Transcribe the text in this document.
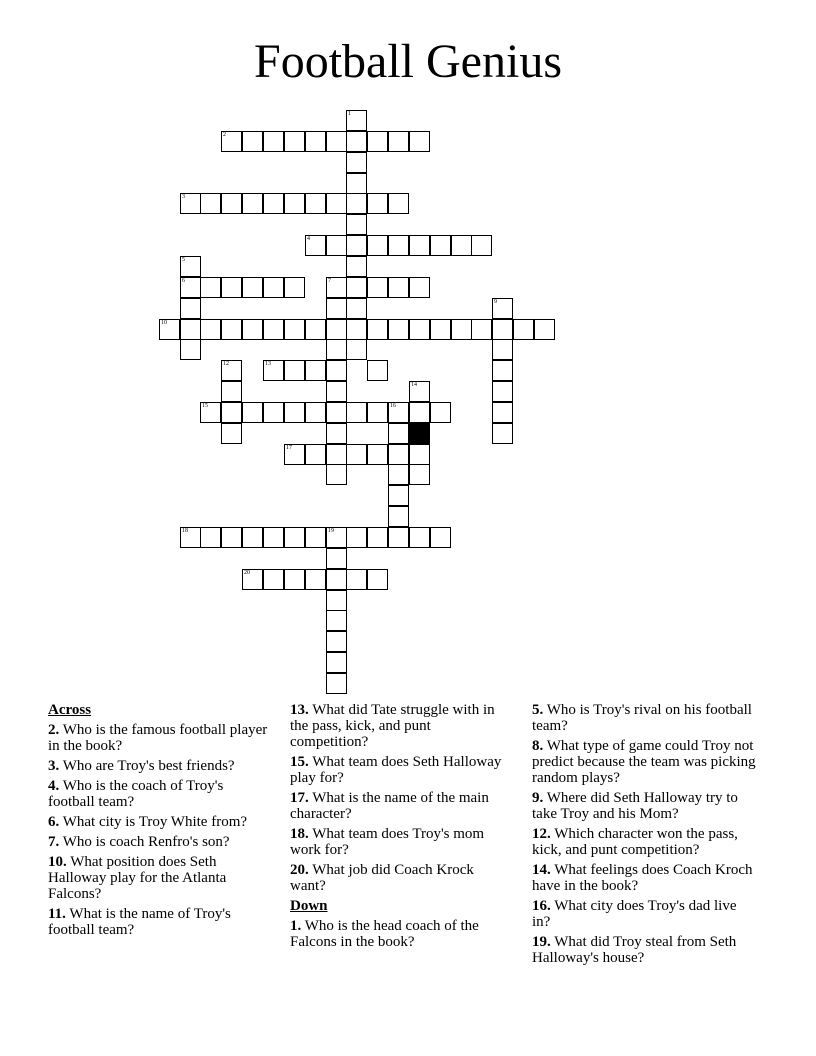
Football Genius
1
2
3
4
5
6	7
9
10
12	13
14
15	16
17
18	19
20
Across
2. Who is the famous football player in the book?
3. Who are Troy's best friends?
4. Who is the coach of Troy's football team?
6. What city is Troy White from?
7. Who is coach Renfro's son?
10. What position does Seth Halloway play for the Atlanta Falcons?
11. What is the name of Troy's football team?
13. What did Tate struggle with in the pass, kick, and punt competition?
15. What team does Seth Halloway play for?
17. What is the name of the main character?
18. What team does Troy's mom work for?
20. What job did Coach Krock want?
Down
1. Who is the head coach of the Falcons in the book?
5. Who is Troy's rival on his football team?
8. What type of game could Troy not predict because the team was picking random plays?
9. Where did Seth Halloway try to take Troy and his Mom?
12. Which character won the pass, kick, and punt competition?
14. What feelings does Coach Kroch have in the book?
16. What city does Troy's dad live in?
19. What did Troy steal from Seth Halloway's house?
